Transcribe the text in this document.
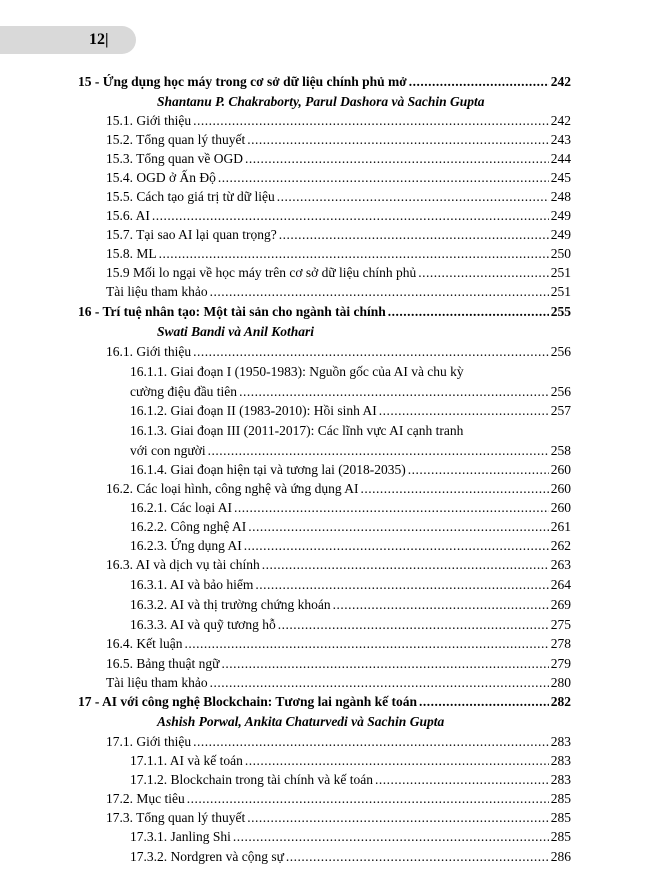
12|
15 - Ứng dụng học máy trong cơ sở dữ liệu chính phủ mở .....	242
Shantanu P. Chakraborty, Parul Dashora và Sachin Gupta
15.1. Giới thiệu .....	242
15.2. Tổng quan lý thuyết .....	243
15.3. Tổng quan về OGD .....	244
15.4. OGD ở Ấn Độ .....	245
15.5. Cách tạo giá trị từ dữ liệu .....	248
15.6. AI .....	249
15.7. Tại sao AI lại quan trọng? .....	249
15.8. ML .....	250
15.9 Mối lo ngại về học máy trên cơ sở dữ liệu chính phủ .....	251
Tài liệu tham khảo .....	251
16 - Trí tuệ nhân tạo: Một tài sản cho ngành tài chính .....	255
Swati Bandi và Anil Kothari
16.1. Giới thiệu .....	256
16.1.1. Giai đoạn I (1950-1983): Nguồn gốc của AI và chu kỳ
cường điệu đầu tiên .....	256
16.1.2. Giai đoạn II (1983-2010): Hồi sinh AI .....	257
16.1.3. Giai đoạn III (2011-2017): Các lĩnh vực AI cạnh tranh
với con người .....	258
16.1.4. Giai đoạn hiện tại và tương lai (2018-2035) .....	260
16.2. Các loại hình, công nghệ và ứng dụng AI .....	260
16.2.1. Các loại AI .....	260
16.2.2. Công nghệ AI .....	261
16.2.3. Ứng dụng AI .....	262
16.3. AI và dịch vụ tài chính .....	263
16.3.1. AI và bảo hiểm .....	264
16.3.2. AI và thị trường chứng khoán .....	269
16.3.3. AI và quỹ tương hỗ .....	275
16.4. Kết luận .....	278
16.5. Bảng thuật ngữ .....	279
Tài liệu tham khảo .....	280
17 - AI với công nghệ Blockchain: Tương lai ngành kế toán .....	282
Ashish Porwal, Ankita Chaturvedi và Sachin Gupta
17.1. Giới thiệu .....	283
17.1.1. AI và kế toán .....	283
17.1.2. Blockchain trong tài chính và kế toán .....	283
17.2. Mục tiêu .....	285
17.3. Tổng quan lý thuyết .....	285
17.3.1. Janling Shi .....	285
17.3.2. Nordgren và cộng sự .....	286
